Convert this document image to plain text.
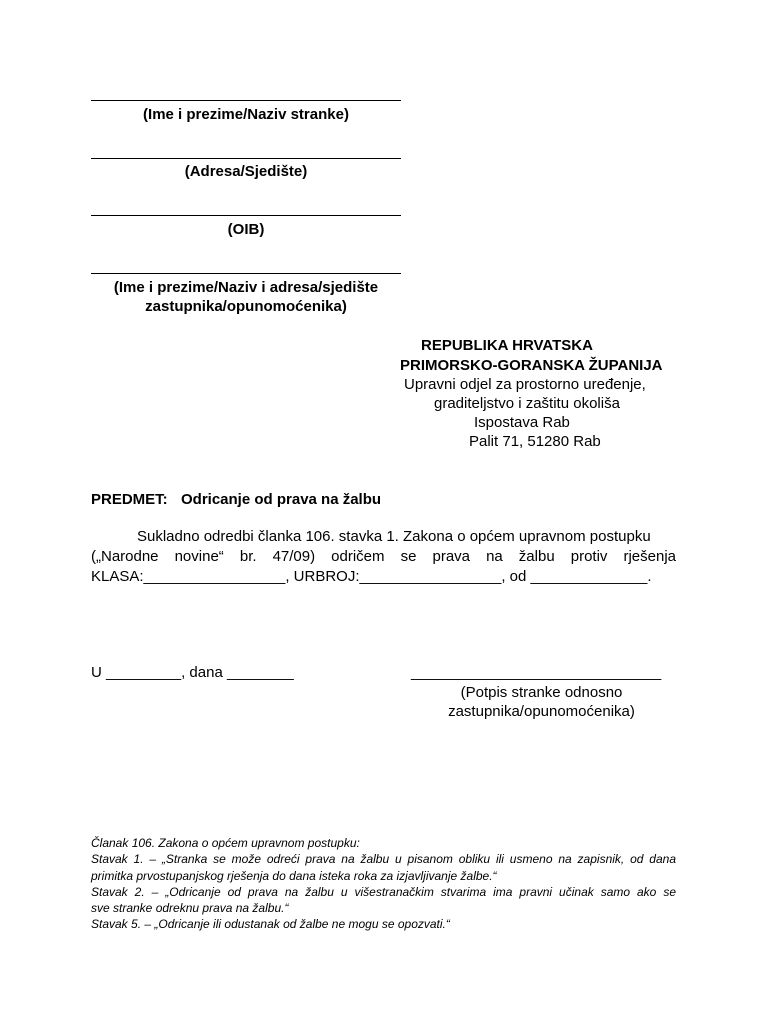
(Ime i prezime/Naziv stranke)
(Adresa/Sjedište)
(OIB)
(Ime i prezime/Naziv i adresa/sjedište
zastupnika/opunomoćenika)
REPUBLIKA HRVATSKA
PRIMORSKO-GORANSKA ŽUPANIJA
Upravni odjel za prostorno uređenje,
graditeljstvo i zaštitu okoliša
Ispostava Rab
Palit 71, 51280 Rab
PREDMET: Odricanje od prava na žalbu
Sukladno odredbi članka 106. stavka 1. Zakona o općem upravnom postupku
(„Narodne novine“ br. 47/09) odričem se prava na žalbu protiv rješenja
KLASA:_________________, URBROJ:_________________, od ______________.
U _________, dana ________	______________________________
(Potpis stranke odnosno
zastupnika/opunomoćenika)
Članak 106. Zakona o općem upravnom postupku:
Stavak 1. – „Stranka se može odreći prava na žalbu u pisanom obliku ili usmeno na zapisnik, od dana
primitka prvostupanjskog rješenja do dana isteka roka za izjavljivanje žalbe.“
Stavak 2. – „Odricanje od prava na žalbu u višestranačkim stvarima ima pravni učinak samo ako se
sve stranke odreknu prava na žalbu.“
Stavak 5. – „Odricanje ili odustanak od žalbe ne mogu se opozvati.“
